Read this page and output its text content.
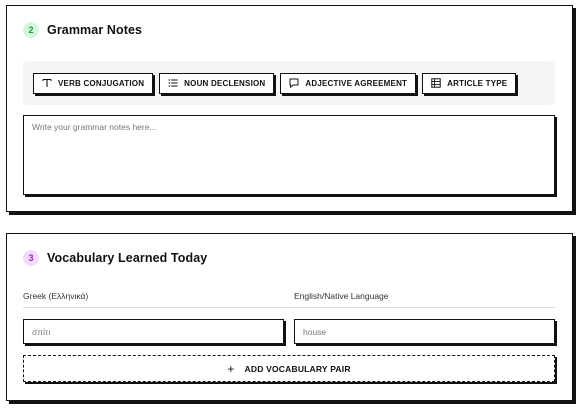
2	Grammar Notes
VERB CONJUGATION	NOUN DECLENSION	ADJECTIVE AGREEMENT	ARTICLE TYPE
Write your grammar notes here...
3	Vocabulary Learned Today
Greek (Ελληνικά)	English/Native Language
σπίτι	house
+ ADD VOCABULARY PAIR
